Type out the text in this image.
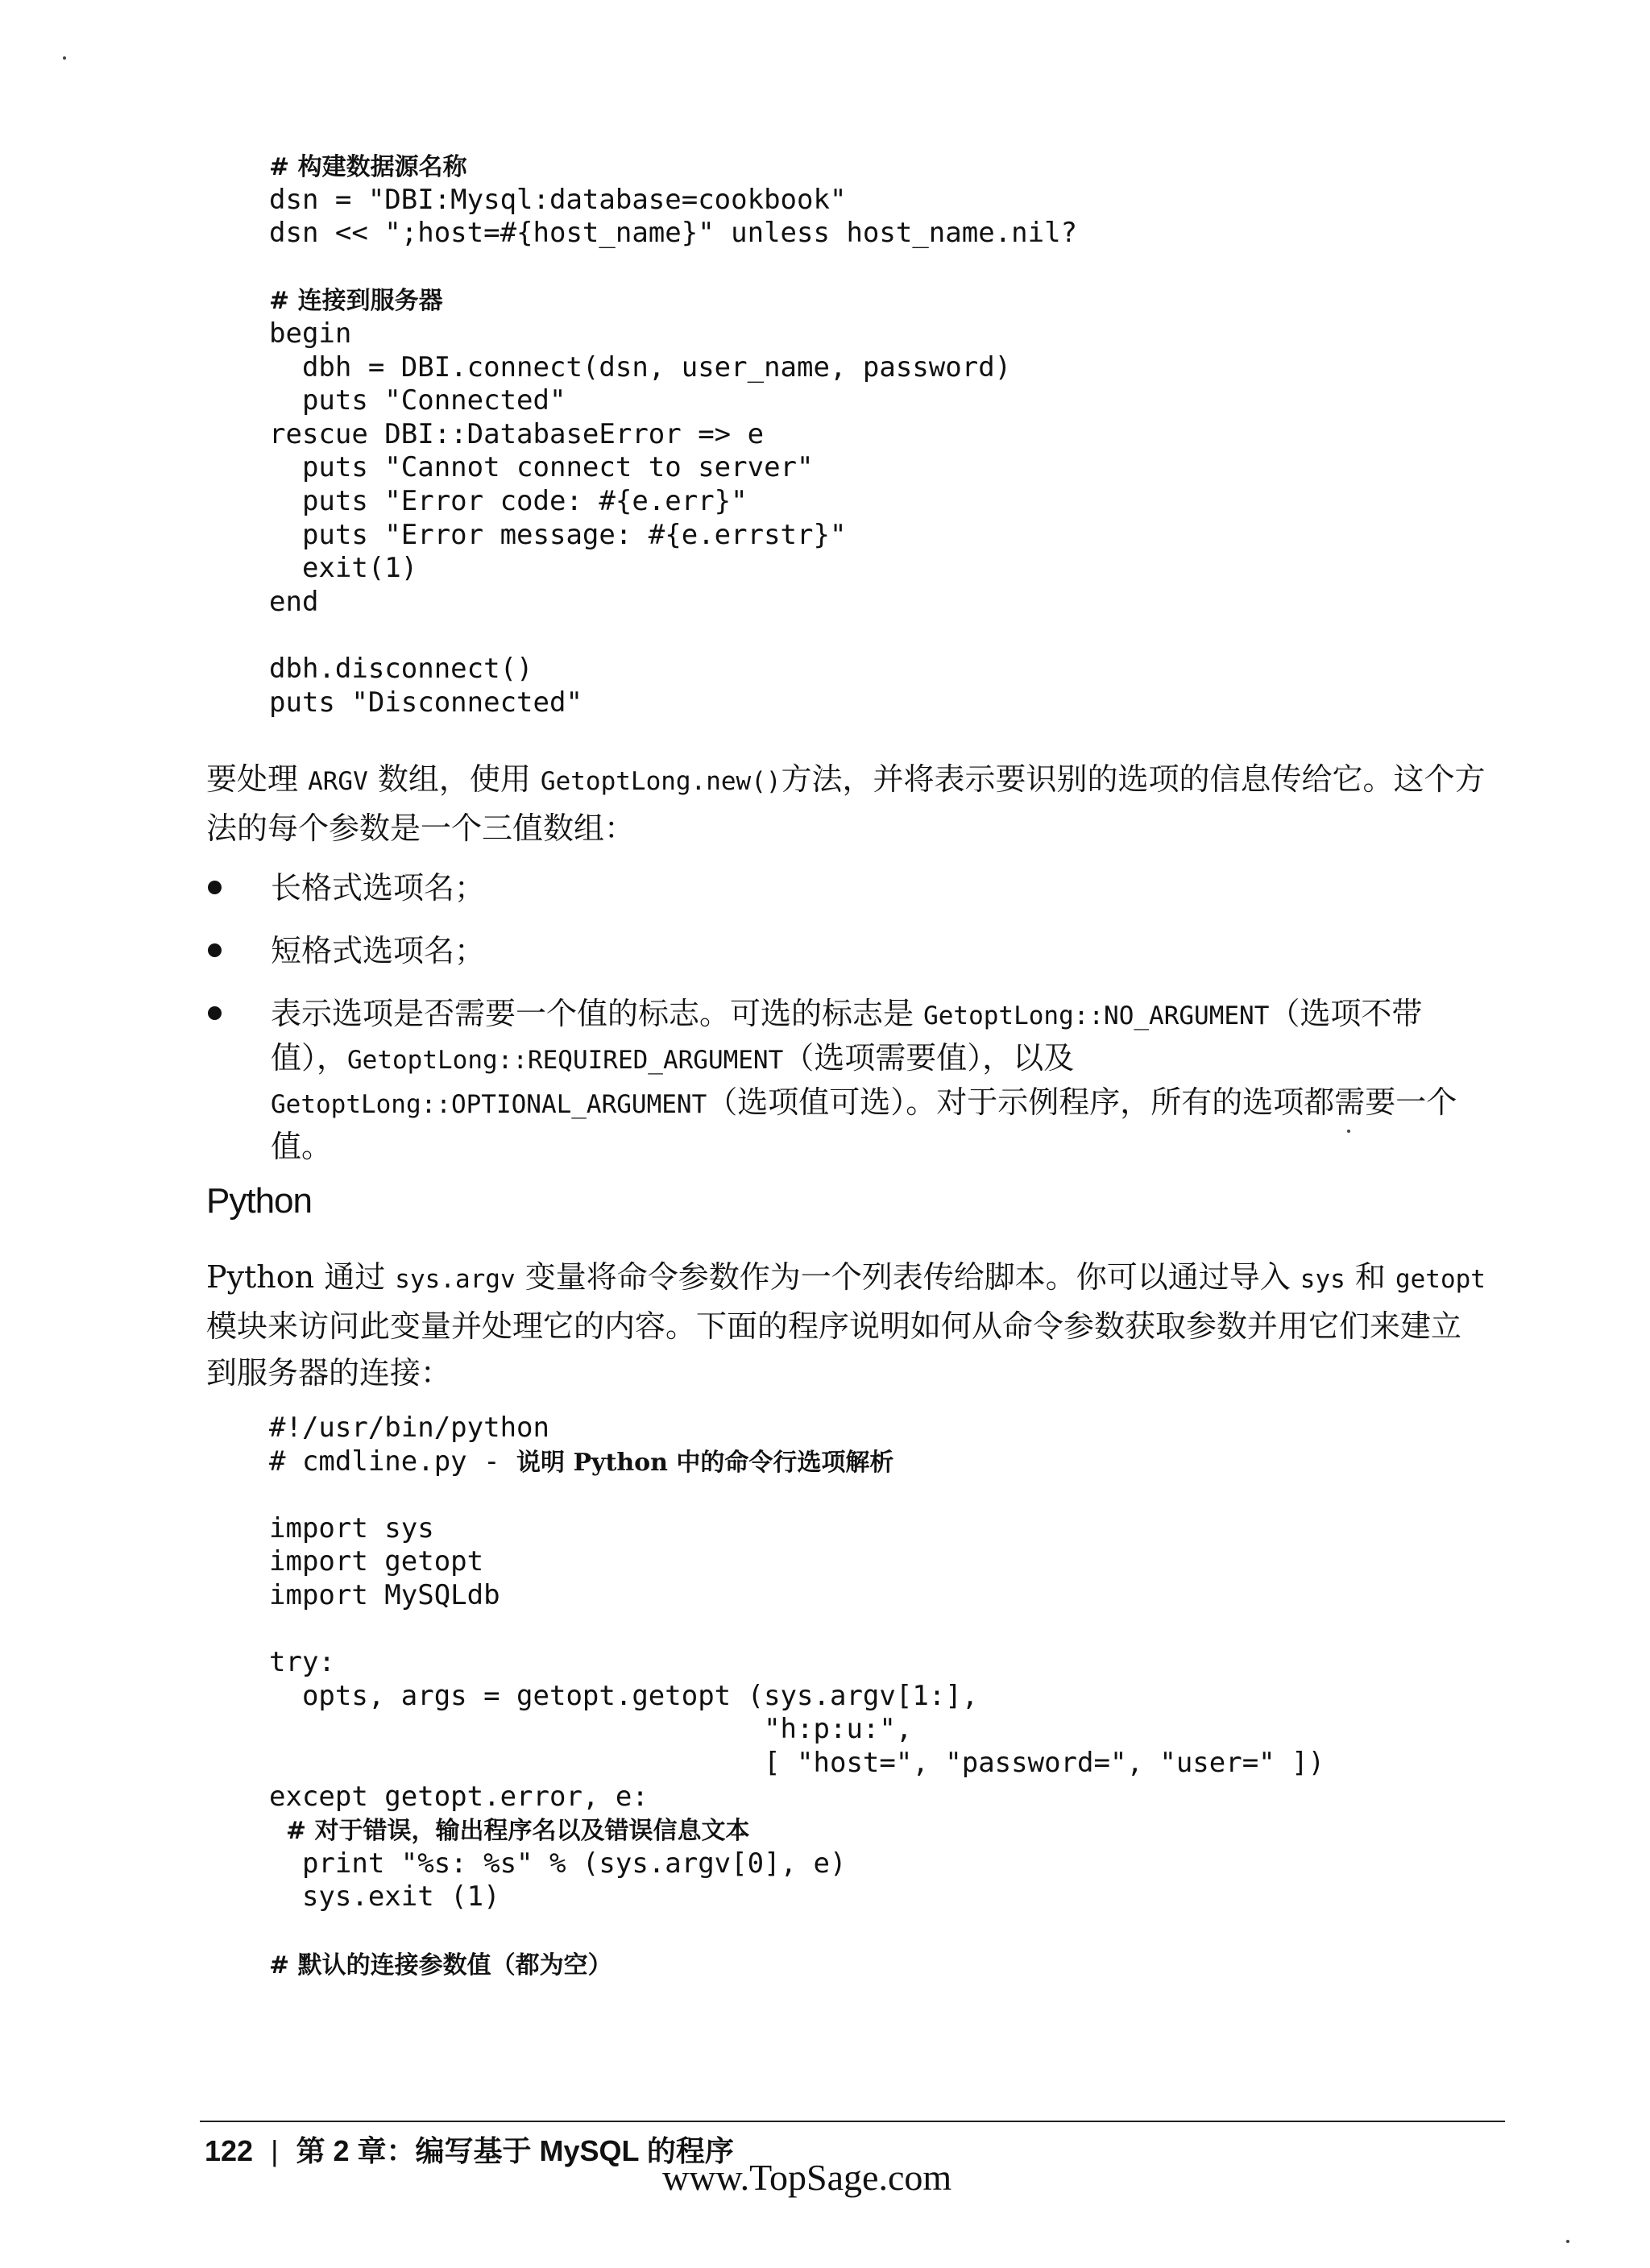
# 构建数据源名称
dsn = "DBI:Mysql:database=cookbook"
dsn << ";host=#{host_name}" unless host_name.nil?
# 连接到服务器
begin
dbh = DBI.connect(dsn, user_name, password)
puts "Connected"
rescue DBI::DatabaseError => e
puts "Cannot connect to server"
puts "Error code: #{e.err}"
puts "Error message: #{e.errstr}"
exit(1)
end
dbh.disconnect()
puts "Disconnected"
要处理 ARGV 数组，使用 GetoptLong.new()方法，并将表示要识别的选项的信息传给它。这个方法的每个参数是一个三值数组：
长格式选项名；
短格式选项名；
表示选项是否需要一个值的标志。可选的标志是 GetoptLong::NO_ARGUMENT（选项不带值），GetoptLong::REQUIRED_ARGUMENT（选项需要值），以及 GetoptLong::OPTIONAL_ARGUMENT（选项值可选）。对于示例程序，所有的选项都需要一个值。
Python
Python 通过 sys.argv 变量将命令参数作为一个列表传给脚本。你可以通过导入 sys 和 getopt 模块来访问此变量并处理它的内容。下面的程序说明如何从命令参数获取参数并用它们来建立到服务器的连接：
#!/usr/bin/python
# cmdline.py - 说明 Python 中的命令行选项解析
import sys
import getopt
import MySQLdb
try:
opts, args = getopt.getopt (sys.argv[1:],
"h:p:u:",
[ "host=", "password=", "user=" ])
except getopt.error, e:
# 对于错误，输出程序名以及错误信息文本
print "%s: %s" % (sys.argv[0], e)
sys.exit (1)
# 默认的连接参数值（都为空）
122 | 第 2 章：编写基于 MySQL 的程序
www.TopSage.com
